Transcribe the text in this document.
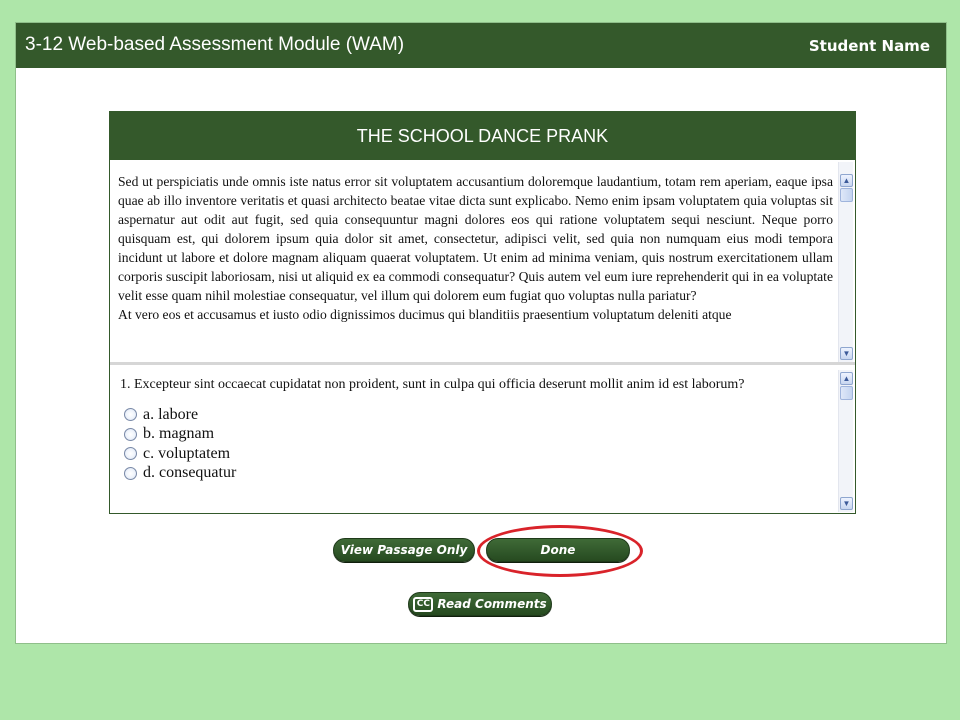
3-12 Web-based Assessment Module (WAM)	Student Name
THE SCHOOL DANCE PRANK
Sed ut perspiciatis unde omnis iste natus error sit voluptatem accusantium doloremque laudantium, totam rem aperiam, eaque ipsa quae ab illo inventore veritatis et quasi architecto beatae vitae dicta sunt explicabo. Nemo enim ipsam voluptatem quia voluptas sit aspernatur aut odit aut fugit, sed quia consequuntur magni dolores eos qui ratione voluptatem sequi nesciunt. Neque porro quisquam est, qui dolorem ipsum quia dolor sit amet, consectetur, adipisci velit, sed quia non numquam eius modi tempora incidunt ut labore et dolore magnam aliquam quaerat voluptatem. Ut enim ad minima veniam, quis nostrum exercitationem ullam corporis suscipit laboriosam, nisi ut aliquid ex ea commodi consequatur? Quis autem vel eum iure reprehenderit qui in ea voluptate velit esse quam nihil molestiae consequatur, vel illum qui dolorem eum fugiat quo voluptas nulla pariatur?
At vero eos et accusamus et iusto odio dignissimos ducimus qui blanditiis praesentium voluptatum deleniti atque
▲
▼
1. Excepteur sint occaecat cupidatat non proident, sunt in culpa qui officia deserunt mollit anim id est laborum?
a. labore
b. magnam
c. voluptatem
d. consequatur
▲
▼
View Passage Only	Done
CC Read Comments
